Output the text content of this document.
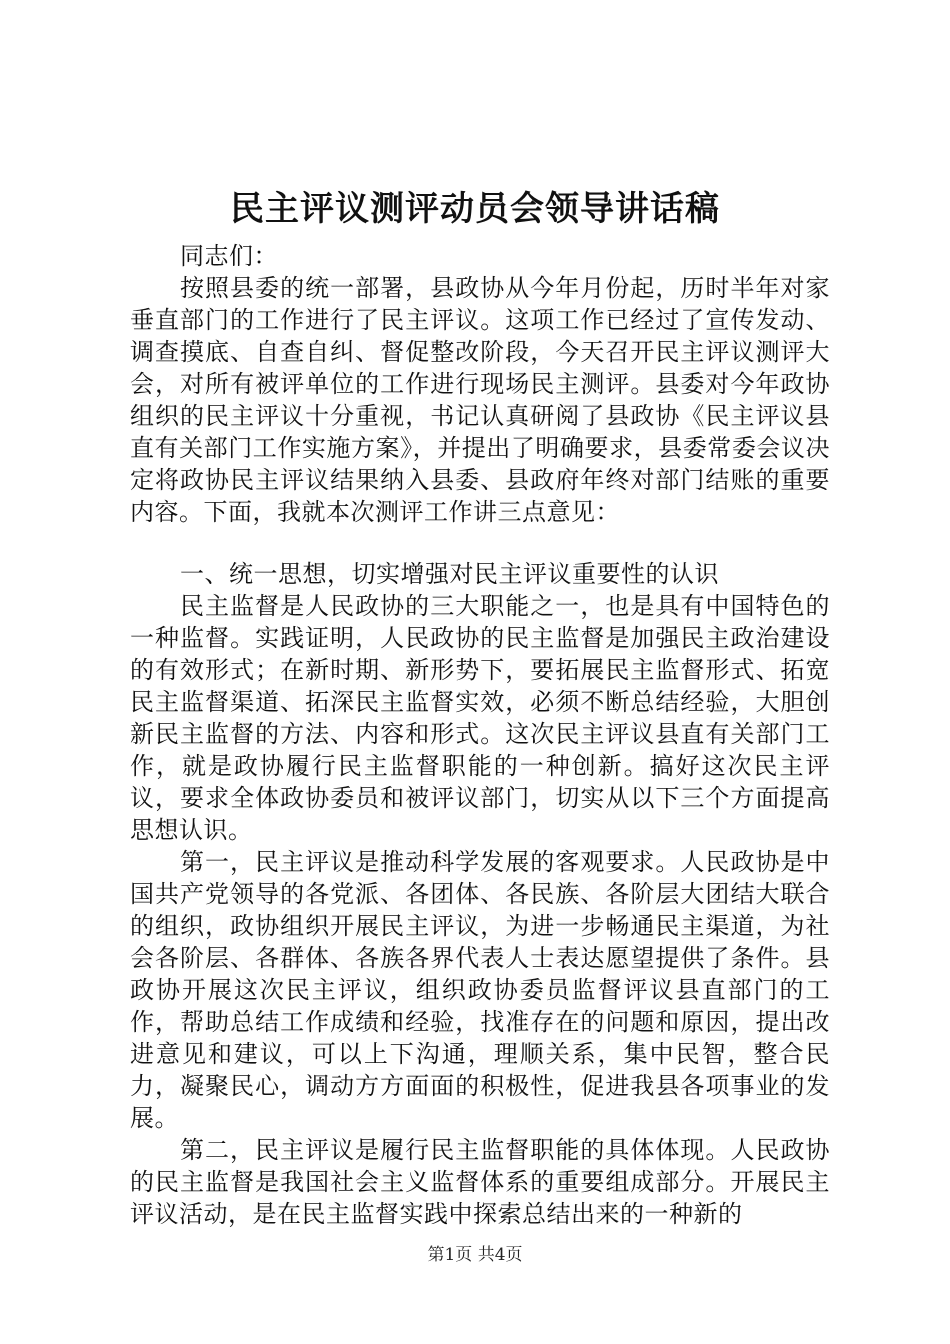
民主评议测评动员会领导讲话稿

同志们：

按照县委的统一部署，县政协从今年月份起，历时半年对家垂直部门的工作进行了民主评议。这项工作已经过了宣传发动、调查摸底、自查自纠、督促整改阶段，今天召开民主评议测评大会，对所有被评单位的工作进行现场民主测评。县委对今年政协组织的民主评议十分重视，书记认真研阅了县政协《民主评议县直有关部门工作实施方案》，并提出了明确要求，县委常委会议决定将政协民主评议结果纳入县委、县政府年终对部门结账的重要内容。下面，我就本次测评工作讲三点意见：

一、统一思想，切实增强对民主评议重要性的认识

民主监督是人民政协的三大职能之一，也是具有中国特色的一种监督。实践证明，人民政协的民主监督是加强民主政治建设的有效形式；在新时期、新形势下，要拓展民主监督形式、拓宽民主监督渠道、拓深民主监督实效，必须不断总结经验，大胆创新民主监督的方法、内容和形式。这次民主评议县直有关部门工作，就是政协履行民主监督职能的一种创新。搞好这次民主评议，要求全体政协委员和被评议部门，切实从以下三个方面提高思想认识。

第一，民主评议是推动科学发展的客观要求。人民政协是中国共产党领导的各党派、各团体、各民族、各阶层大团结大联合的组织，政协组织开展民主评议，为进一步畅通民主渠道，为社会各阶层、各群体、各族各界代表人士表达愿望提供了条件。县政协开展这次民主评议，组织政协委员监督评议县直部门的工作，帮助总结工作成绩和经验，找准存在的问题和原因，提出改进意见和建议，可以上下沟通，理顺关系，集中民智，整合民力，凝聚民心，调动方方面面的积极性，促进我县各项事业的发展。

第二，民主评议是履行民主监督职能的具体体现。人民政协的民主监督是我国社会主义监督体系的重要组成部分。开展民主评议活动，是在民主监督实践中探索总结出来的一种新的

第1页 共4页
